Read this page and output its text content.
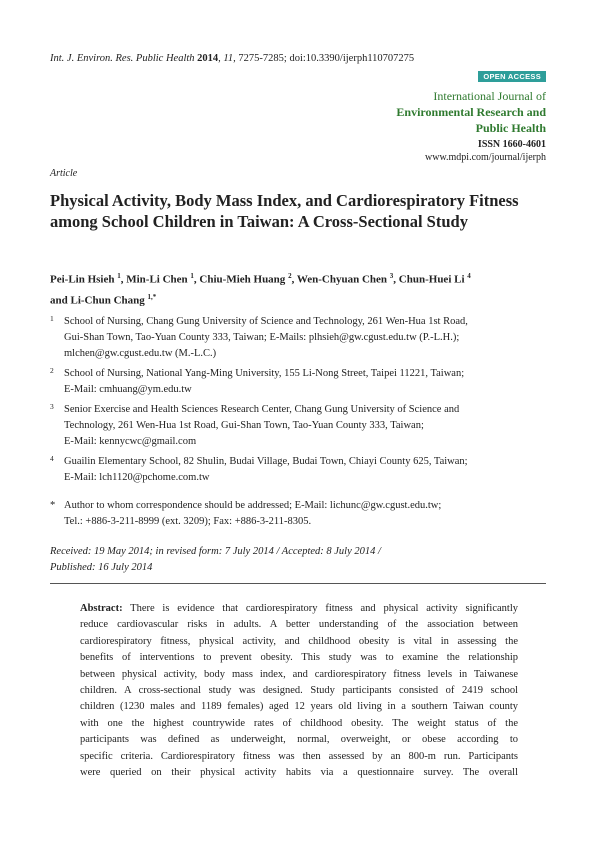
Int. J. Environ. Res. Public Health 2014, 11, 7275-7285; doi:10.3390/ijerph110707275
OPEN ACCESS
International Journal of
Environmental Research and
Public Health
ISSN 1660-4601
www.mdpi.com/journal/ijerph
Article
Physical Activity, Body Mass Index, and Cardiorespiratory Fitness among School Children in Taiwan: A Cross-Sectional Study
Pei-Lin Hsieh $^1$, Min-Li Chen $^1$, Chiu-Mieh Huang $^2$, Wen-Chyuan Chen $^3$, Chun-Huei Li $^4$
and Li-Chun Chang $^{1,*}$
1 School of Nursing, Chang Gung University of Science and Technology, 261 Wen-Hua 1st Road,
Gui-Shan Town, Tao-Yuan County 333, Taiwan; E-Mails: plhsieh@gw.cgust.edu.tw (P.-L.H.);
mlchen@gw.cgust.edu.tw (M.-L.C.)
2 School of Nursing, National Yang-Ming University, 155 Li-Nong Street, Taipei 11221, Taiwan;
E-Mail: cmhuang@ym.edu.tw
3 Senior Exercise and Health Sciences Research Center, Chang Gung University of Science and
Technology, 261 Wen-Hua 1st Road, Gui-Shan Town, Tao-Yuan County 333, Taiwan;
E-Mail: kennycwc@gmail.com
4 Guailin Elementary School, 82 Shulin, Budai Village, Budai Town, Chiayi County 625, Taiwan;
E-Mail: lch1120@pchome.com.tw
* Author to whom correspondence should be addressed; E-Mail: lichunc@gw.cgust.edu.tw;
Tel.: +886-3-211-8999 (ext. 3209); Fax: +886-3-211-8305.
Received: 19 May 2014; in revised form: 7 July 2014 / Accepted: 8 July 2014 /
Published: 16 July 2014
Abstract: There is evidence that cardiorespiratory fitness and physical activity significantly
reduce cardiovascular risks in adults. A better understanding of the association between
cardiorespiratory fitness, physical activity, and childhood obesity is vital in assessing the
benefits of interventions to prevent obesity. This study was to examine the relationship
between physical activity, body mass index, and cardiorespiratory fitness levels in Taiwanese
children. A cross-sectional study was designed. Study participants consisted of 2419 school
children (1230 males and 1189 females) aged 12 years old living in a southern Taiwan county
with one the highest countrywide rates of childhood obesity. The weight status of the
participants was defined as underweight, normal, overweight, or obese according to
specific criteria. Cardiorespiratory fitness was then assessed by an 800-m run. Participants
were queried on their physical activity habits via a questionnaire survey. The overall
